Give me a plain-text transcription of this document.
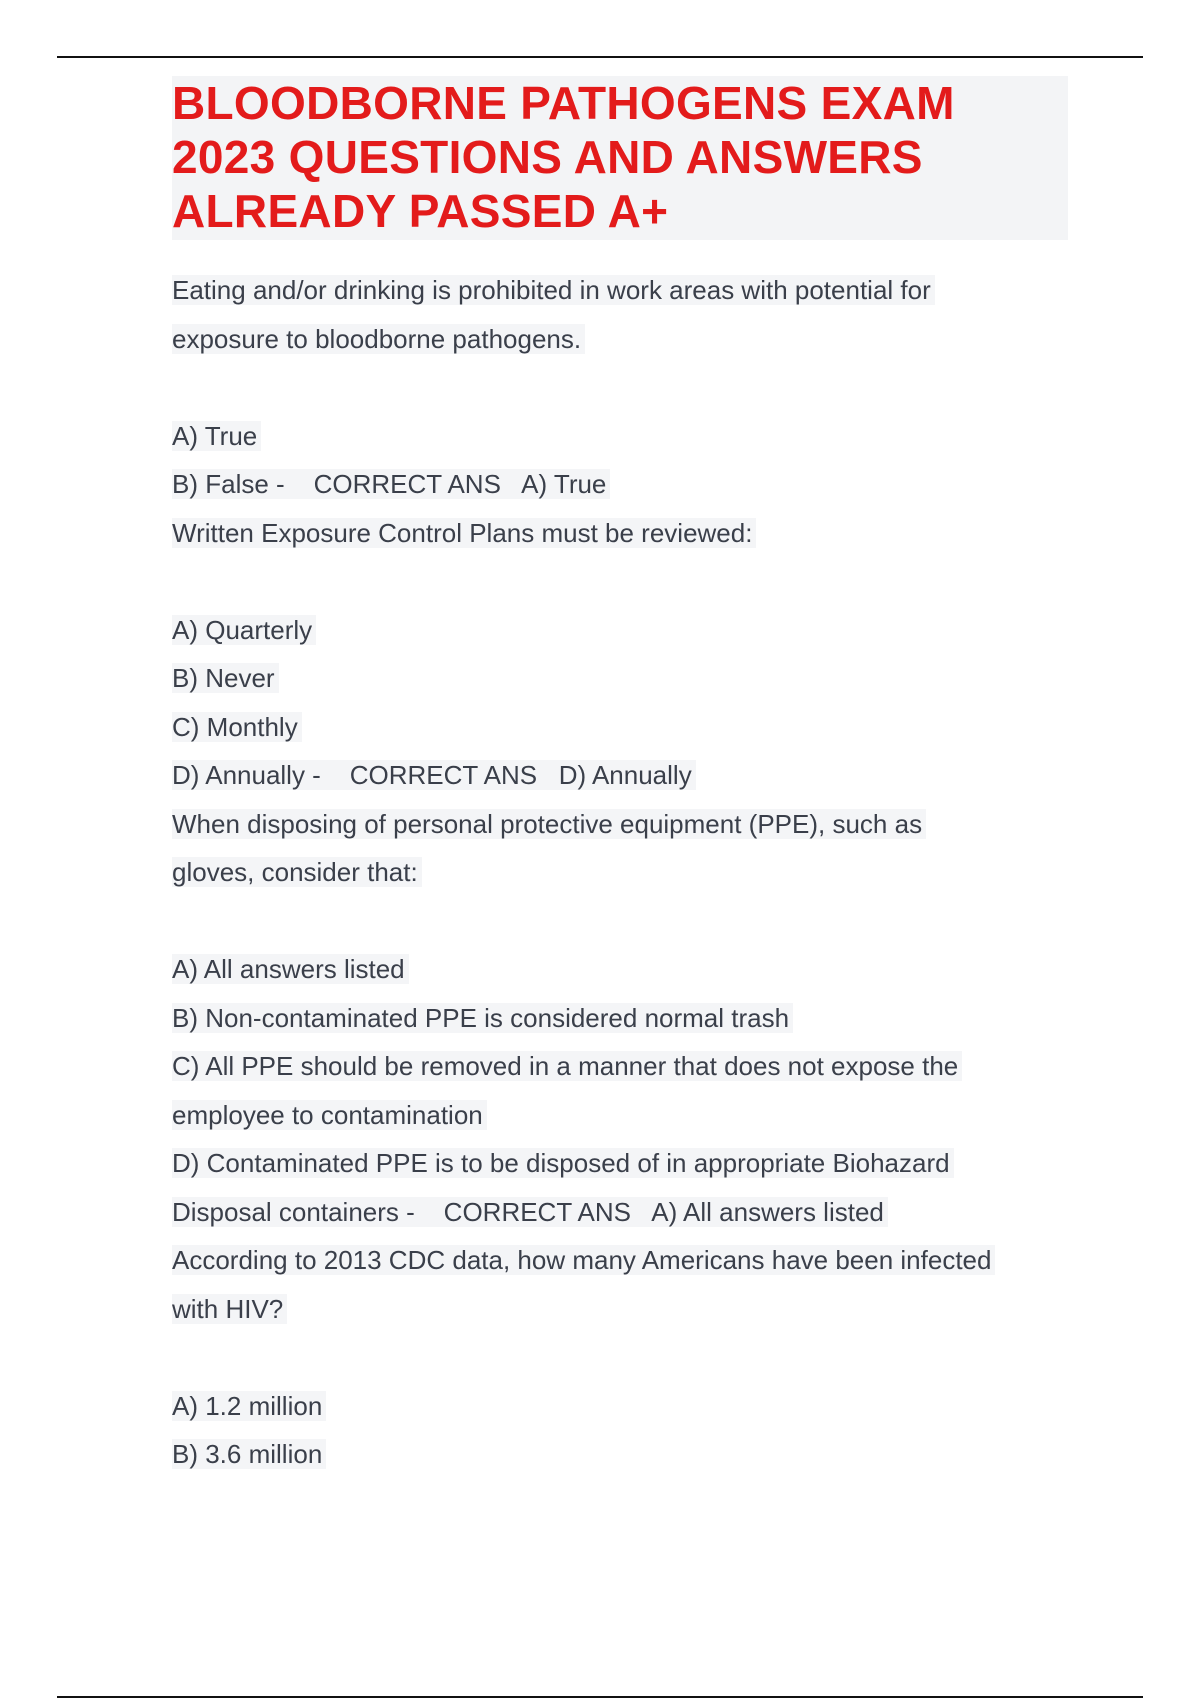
BLOODBORNE PATHOGENS EXAM
2023 QUESTIONS AND ANSWERS
ALREADY PASSED A+
Eating and/or drinking is prohibited in work areas with potential for
exposure to bloodborne pathogens.
A) True
B) False -    CORRECT ANS   A) True
Written Exposure Control Plans must be reviewed:
A) Quarterly
B) Never
C) Monthly
D) Annually -    CORRECT ANS   D) Annually
When disposing of personal protective equipment (PPE), such as
gloves, consider that:
A) All answers listed
B) Non-contaminated PPE is considered normal trash
C) All PPE should be removed in a manner that does not expose the
employee to contamination
D) Contaminated PPE is to be disposed of in appropriate Biohazard
Disposal containers -    CORRECT ANS   A) All answers listed
According to 2013 CDC data, how many Americans have been infected
with HIV?
A) 1.2 million
B) 3.6 million
